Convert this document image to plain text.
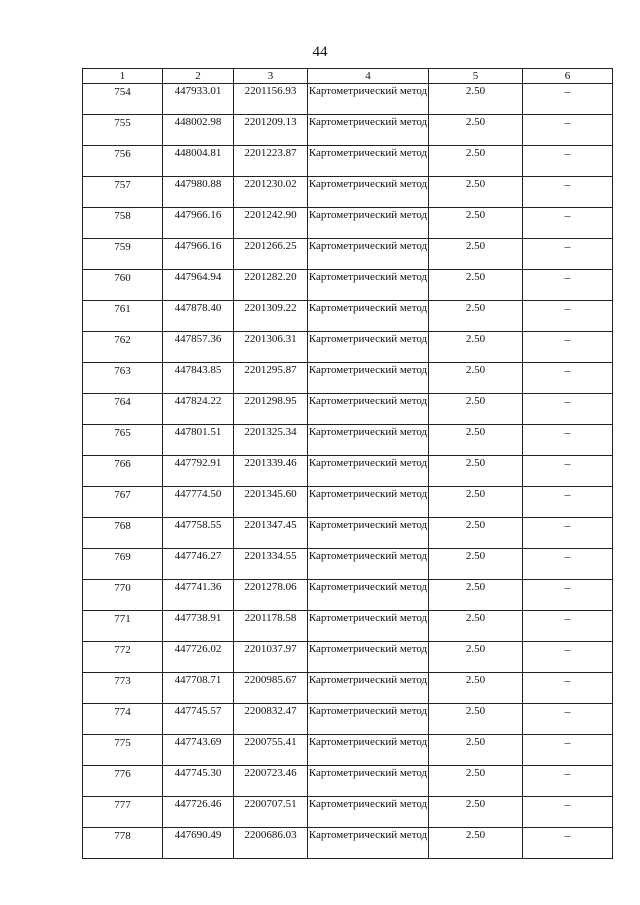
44
1	2	3	4	5	6
754	447933.01	2201156.93	Картометрический метод	2.50	–
755	448002.98	2201209.13	Картометрический метод	2.50	–
756	448004.81	2201223.87	Картометрический метод	2.50	–
757	447980.88	2201230.02	Картометрический метод	2.50	–
758	447966.16	2201242.90	Картометрический метод	2.50	–
759	447966.16	2201266.25	Картометрический метод	2.50	–
760	447964.94	2201282.20	Картометрический метод	2.50	–
761	447878.40	2201309.22	Картометрический метод	2.50	–
762	447857.36	2201306.31	Картометрический метод	2.50	–
763	447843.85	2201295.87	Картометрический метод	2.50	–
764	447824.22	2201298.95	Картометрический метод	2.50	–
765	447801.51	2201325.34	Картометрический метод	2.50	–
766	447792.91	2201339.46	Картометрический метод	2.50	–
767	447774.50	2201345.60	Картометрический метод	2.50	–
768	447758.55	2201347.45	Картометрический метод	2.50	–
769	447746.27	2201334.55	Картометрический метод	2.50	–
770	447741.36	2201278.06	Картометрический метод	2.50	–
771	447738.91	2201178.58	Картометрический метод	2.50	–
772	447726.02	2201037.97	Картометрический метод	2.50	–
773	447708.71	2200985.67	Картометрический метод	2.50	–
774	447745.57	2200832.47	Картометрический метод	2.50	–
775	447743.69	2200755.41	Картометрический метод	2.50	–
776	447745.30	2200723.46	Картометрический метод	2.50	–
777	447726.46	2200707.51	Картометрический метод	2.50	–
778	447690.49	2200686.03	Картометрический метод	2.50	–
